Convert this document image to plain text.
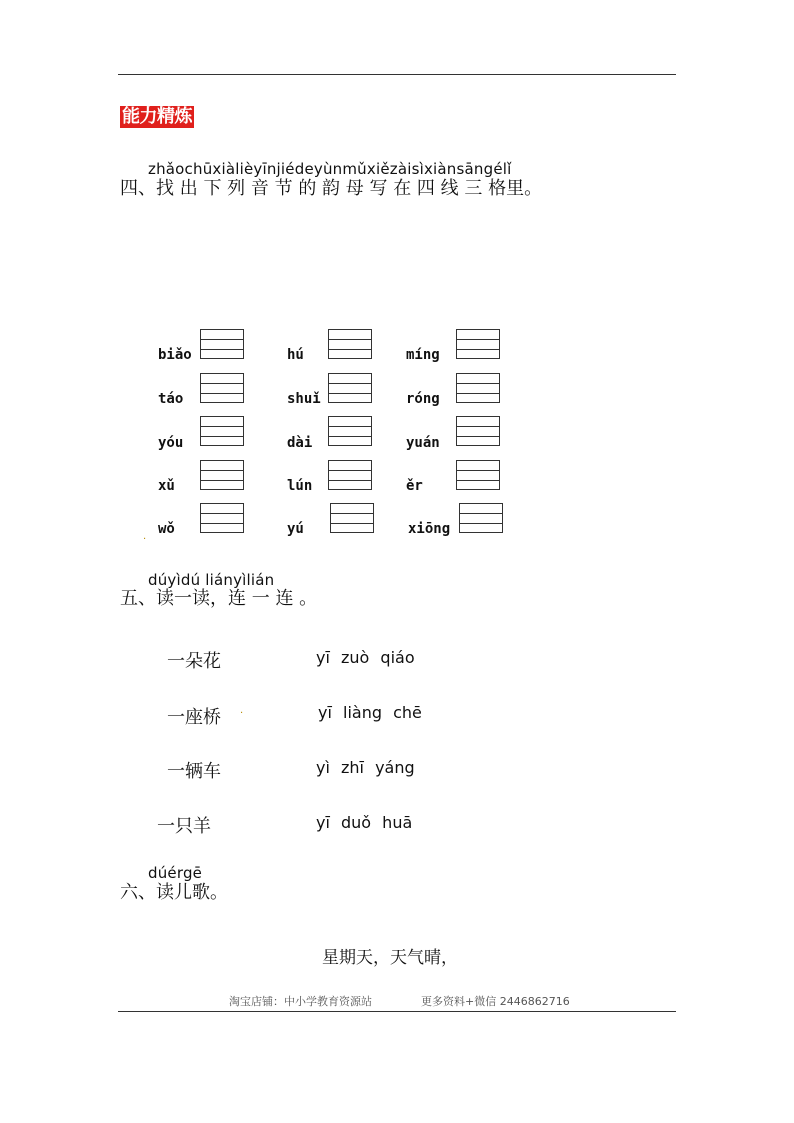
能力精炼
zhǎochūxiàlièyīnjiédeyùnmǔxiězàisìxiànsāngélǐ
四、找 出 下 列 音 节 的 韵 母 写 在 四 线 三 格里。
biǎo	hú	míng
táo	shuǐ	róng
yóu	dài	yuán
xǔ	lún	ěr
wǒ	yú	xiōng
·
dúyìdú liányìlián
五、读一读，连 一 连 。
一朵花	yī zuò qiáo
一座桥 ·	yī liàng chē
一辆车	yì zhī yáng
一只羊	yī duǒ huā
dúérgē
六、读儿歌。
星期天，天气晴，
淘宝店铺：中小学教育资源站	更多资料+微信 2446862716
